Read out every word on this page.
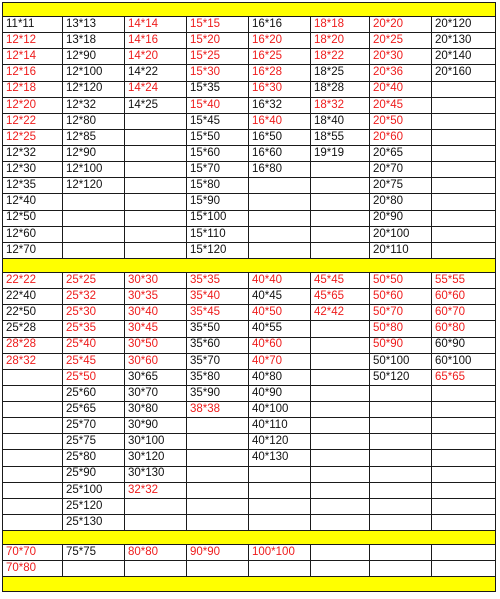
11*11	13*13	14*14	15*15	16*16	18*18	20*20	20*120
12*12	13*18	14*16	15*20	16*20	18*20	20*25	20*130
12*14	12*90	14*20	15*25	16*25	18*22	20*30	20*140
12*16	12*100	14*22	15*30	16*28	18*25	20*36	20*160
12*18	12*120	14*24	15*35	16*30	18*28	20*40	
12*20	12*32	14*25	15*40	16*32	18*32	20*45	
12*22	12*80		15*45	16*40	18*40	20*50	
12*25	12*85		15*50	16*50	18*55	20*60	
12*32	12*90		15*60	16*60	19*19	20*65	
12*30	12*100		15*70	16*80		20*70	
12*35	12*120		15*80			20*75	
12*40			15*90			20*80	
12*50			15*100			20*90	
12*60			15*110			20*100	
12*70			15*120			20*110	

22*22	25*25	30*30	35*35	40*40	45*45	50*50	55*55
22*40	25*32	30*35	35*40	40*45	45*65	50*60	60*60
22*50	25*30	30*40	35*45	40*50	42*42	50*70	60*70
25*28	25*35	30*45	35*50	40*55		50*80	60*80
28*28	25*40	30*50	35*60	40*60		50*90	60*90
28*32	25*45	30*60	35*70	40*70		50*100	60*100
	25*50	30*65	35*80	40*80		50*120	65*65
	25*60	30*70	35*90	40*90			
	25*65	30*80	38*38	40*100			
	25*70	30*90		40*110			
	25*75	30*100		40*120			
	25*80	30*120		40*130			
	25*90	30*130					
	25*100	32*32					
	25*120						
	25*130						

70*70	75*75	80*80	90*90	100*100			
70*80							
